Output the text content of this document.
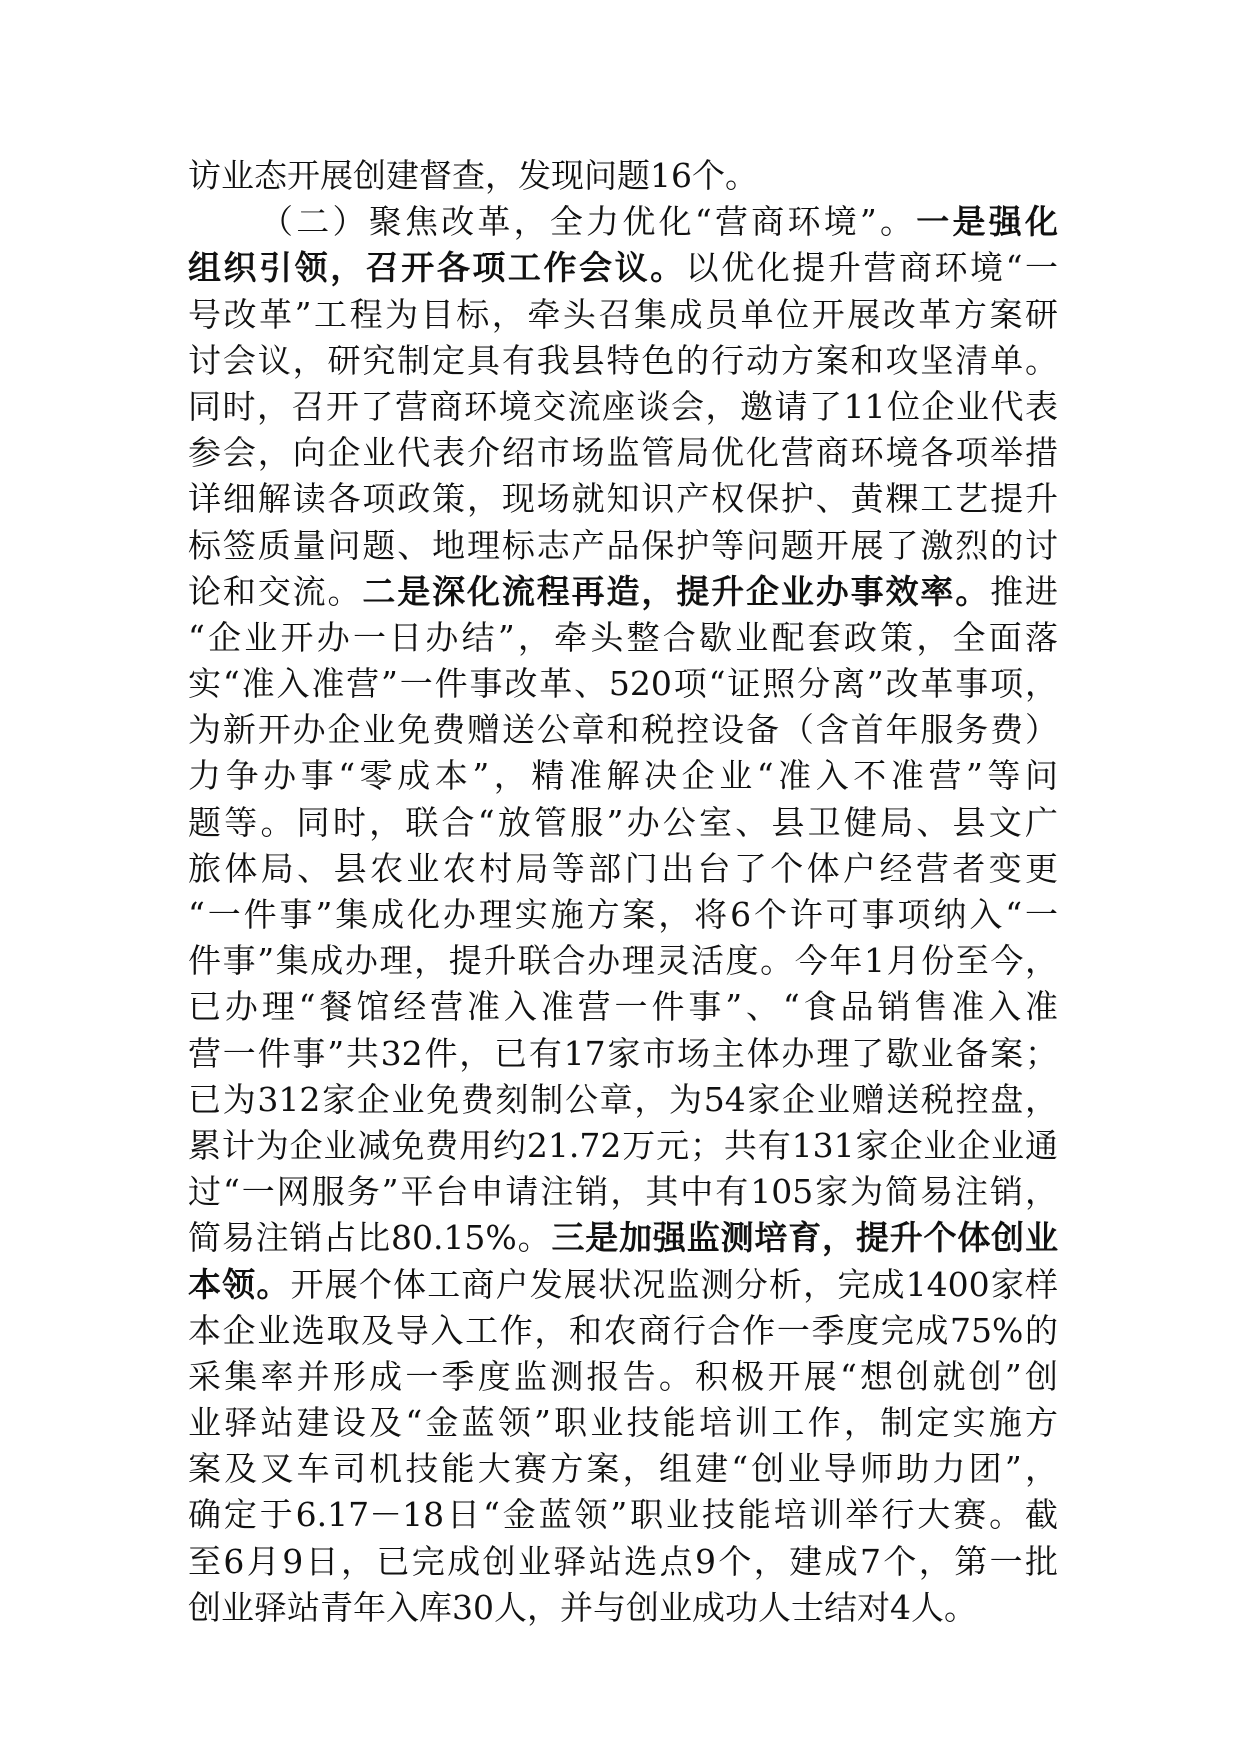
访业态开展创建督查，发现问题16个。
（二）聚焦改革，全力优化“营商环境”。一是强化
组织引领，召开各项工作会议。以优化提升营商环境“一
号改革”工程为目标，牵头召集成员单位开展改革方案研
讨会议，研究制定具有我县特色的行动方案和攻坚清单。
同时，召开了营商环境交流座谈会，邀请了11位企业代表
参会，向企业代表介绍市场监管局优化营商环境各项举措
详细解读各项政策，现场就知识产权保护、黄粿工艺提升
标签质量问题、地理标志产品保护等问题开展了激烈的讨
论和交流。二是深化流程再造，提升企业办事效率。推进
“企业开办一日办结”，牵头整合歇业配套政策，全面落
实“准入准营”一件事改革、520项“证照分离”改革事项，
为新开办企业免费赠送公章和税控设备（含首年服务费）
力争办事“零成本”，精准解决企业“准入不准营”等问
题等。同时，联合“放管服”办公室、县卫健局、县文广
旅体局、县农业农村局等部门出台了个体户经营者变更
“一件事”集成化办理实施方案，将6个许可事项纳入“一
件事”集成办理，提升联合办理灵活度。今年1月份至今，
已办理“餐馆经营准入准营一件事”、“食品销售准入准
营一件事”共32件，已有17家市场主体办理了歇业备案；
已为312家企业免费刻制公章，为54家企业赠送税控盘，
累计为企业减免费用约21.72万元；共有131家企业企业通
过“一网服务”平台申请注销，其中有105家为简易注销，
简易注销占比80.15%。三是加强监测培育，提升个体创业
本领。开展个体工商户发展状况监测分析，完成1400家样
本企业选取及导入工作，和农商行合作一季度完成75%的
采集率并形成一季度监测报告。积极开展“想创就创”创
业驿站建设及“金蓝领”职业技能培训工作，制定实施方
案及叉车司机技能大赛方案，组建“创业导师助力团”，
确定于6.17－18日“金蓝领”职业技能培训举行大赛。截
至6月9日，已完成创业驿站选点9个，建成7个，第一批
创业驿站青年入库30人，并与创业成功人士结对4人。
